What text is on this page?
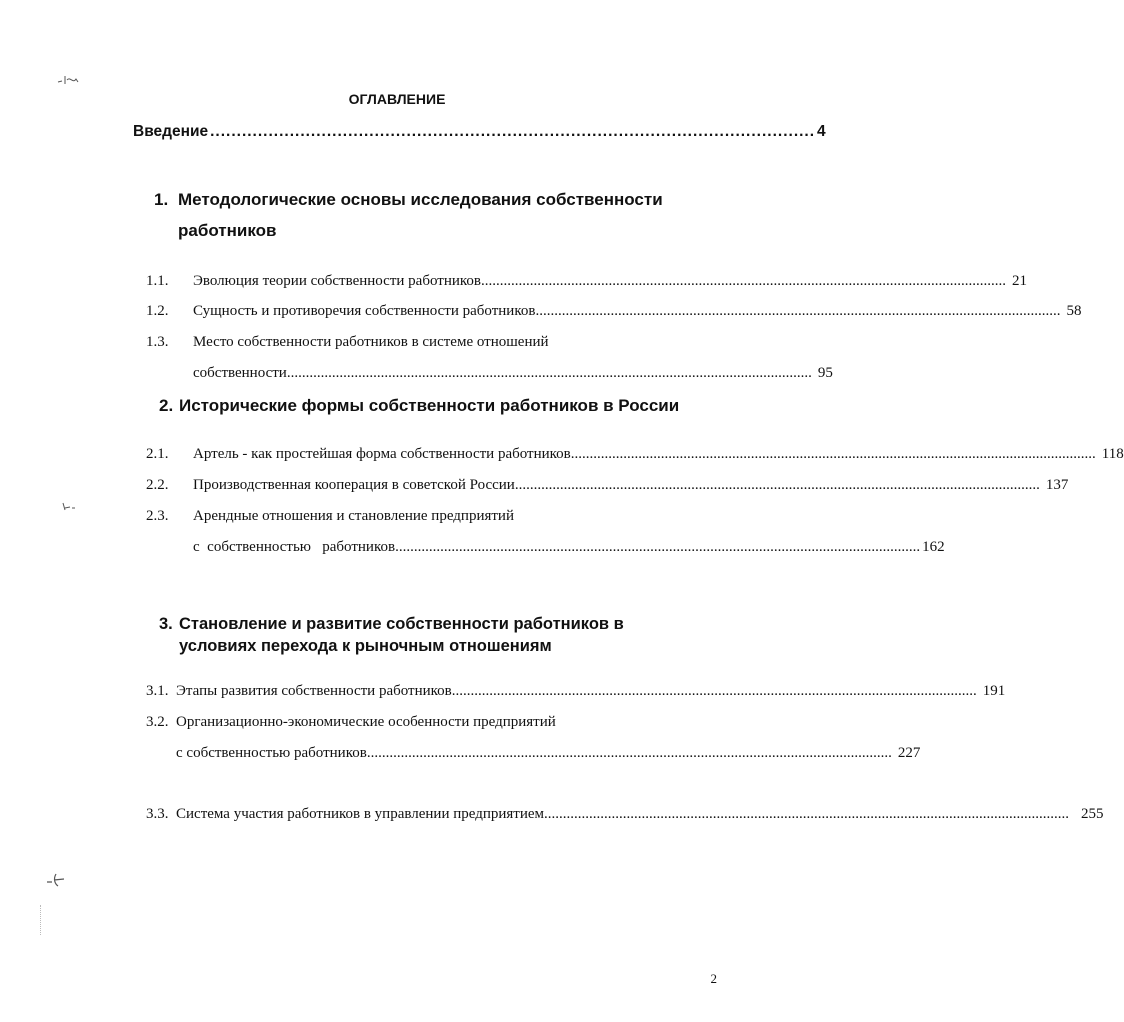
ОГЛАВЛЕНИЕ
Введение .................................................................................................................. 4
1. Методологические основы исследования собственности
работников
1.1.	Эволюция теории собственности работников ............................................................................................................................................ 21
1.2.	Сущность и противоречия собственности работников ............................................................................................................................................ 58
1.3.	Место собственности работников в системе отношений
собственности ............................................................................................................................................ 95
2. Исторические формы собственности работников в России
2.1.	Артель - как простейшая форма собственности работников ............................................................................................................................................ 118
2.2.	Производственная кооперация в советской России ............................................................................................................................................ 137
2.3.	Арендные отношения и становление предприятий
с  собственностью   работников ............................................................................................................................................ 162
3. Становление и развитие собственности работников в
условиях перехода к рыночным отношениям
3.1. Этапы развития собственности работников ............................................................................................................................................ 191
3.2. Организационно-экономические особенности предприятий
с собственностью работников ............................................................................................................................................ 227
3.3. Система участия работников в управлении предприятием ............................................................................................................................................ 255
2
